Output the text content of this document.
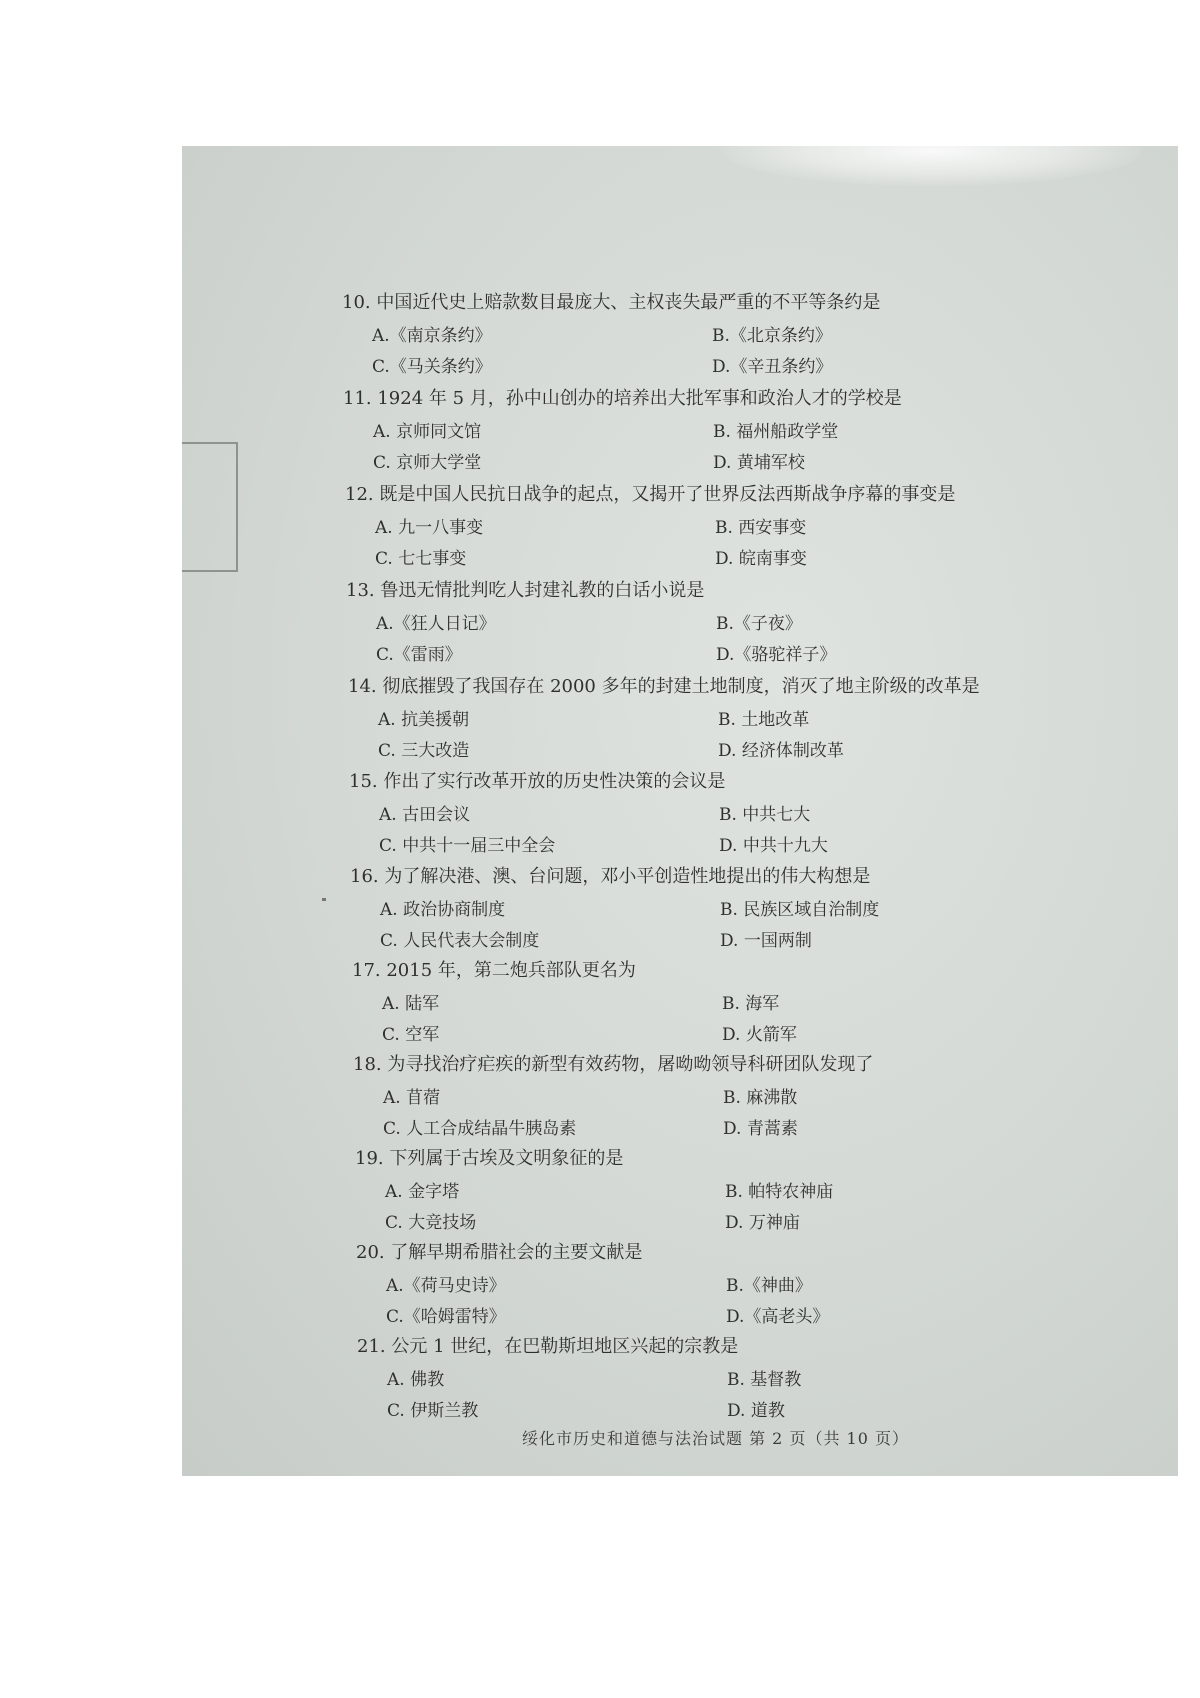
10. 中国近代史上赔款数目最庞大、主权丧失最严重的不平等条约是
A.《南京条约》	B.《北京条约》
C.《马关条约》	D.《辛丑条约》
11. 1924 年 5 月，孙中山创办的培养出大批军事和政治人才的学校是
A. 京师同文馆	B. 福州船政学堂
C. 京师大学堂	D. 黄埔军校
12. 既是中国人民抗日战争的起点，又揭开了世界反法西斯战争序幕的事变是
A. 九一八事变	B. 西安事变
C. 七七事变	D. 皖南事变
13. 鲁迅无情批判吃人封建礼教的白话小说是
A.《狂人日记》	B.《子夜》
C.《雷雨》	D.《骆驼祥子》
14. 彻底摧毁了我国存在 2000 多年的封建土地制度，消灭了地主阶级的改革是
A. 抗美援朝	B. 土地改革
C. 三大改造	D. 经济体制改革
15. 作出了实行改革开放的历史性决策的会议是
A. 古田会议	B. 中共七大
C. 中共十一届三中全会	D. 中共十九大
16. 为了解决港、澳、台问题，邓小平创造性地提出的伟大构想是
A. 政治协商制度	B. 民族区域自治制度
C. 人民代表大会制度	D. 一国两制
17. 2015 年，第二炮兵部队更名为
A. 陆军	B. 海军
C. 空军	D. 火箭军
18. 为寻找治疗疟疾的新型有效药物，屠呦呦领导科研团队发现了
A. 苜蓿	B. 麻沸散
C. 人工合成结晶牛胰岛素	D. 青蒿素
19. 下列属于古埃及文明象征的是
A. 金字塔	B. 帕特农神庙
C. 大竞技场	D. 万神庙
20. 了解早期希腊社会的主要文献是
A.《荷马史诗》	B.《神曲》
C.《哈姆雷特》	D.《高老头》
21. 公元 1 世纪，在巴勒斯坦地区兴起的宗教是
A. 佛教	B. 基督教
C. 伊斯兰教	D. 道教
绥化市历史和道德与法治试题 第 2 页（共 10 页）
